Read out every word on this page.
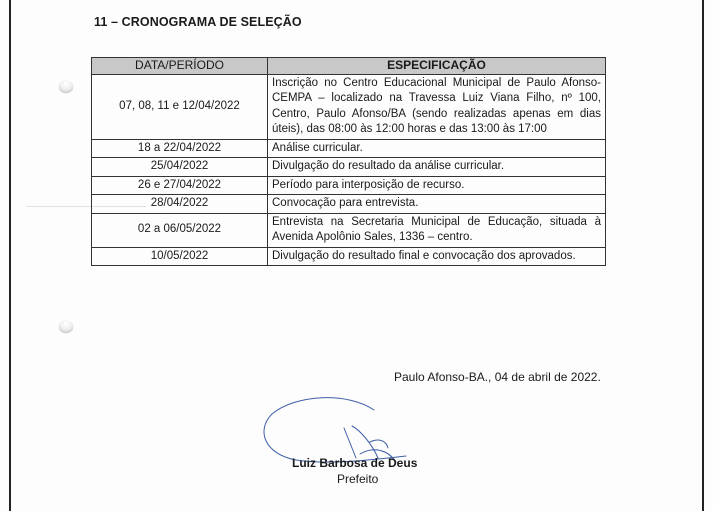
11 – CRONOGRAMA DE SELEÇÃO
DATA/PERÍODO	ESPECIFICAÇÃO
07, 08, 11 e 12/04/2022	Inscrição no Centro Educacional Municipal de Paulo Afonso- CEMPA – localizado na Travessa Luiz Viana Filho, nº 100, Centro, Paulo Afonso/BA (sendo realizadas apenas em dias úteis), das 08:00 às 12:00 horas e das 13:00 às 17:00
18 a 22/04/2022	Análise curricular.
25/04/2022	Divulgação do resultado da análise curricular.
26 e 27/04/2022	Período para interposição de recurso.
28/04/2022	Convocação para entrevista.
02 a 06/05/2022	Entrevista na Secretaria Municipal de Educação, situada à Avenida Apolônio Sales, 1336 – centro.
10/05/2022	Divulgação do resultado final e convocação dos aprovados.
Paulo Afonso-BA., 04 de abril de 2022.
Luiz Barbosa de Deus
Prefeito
